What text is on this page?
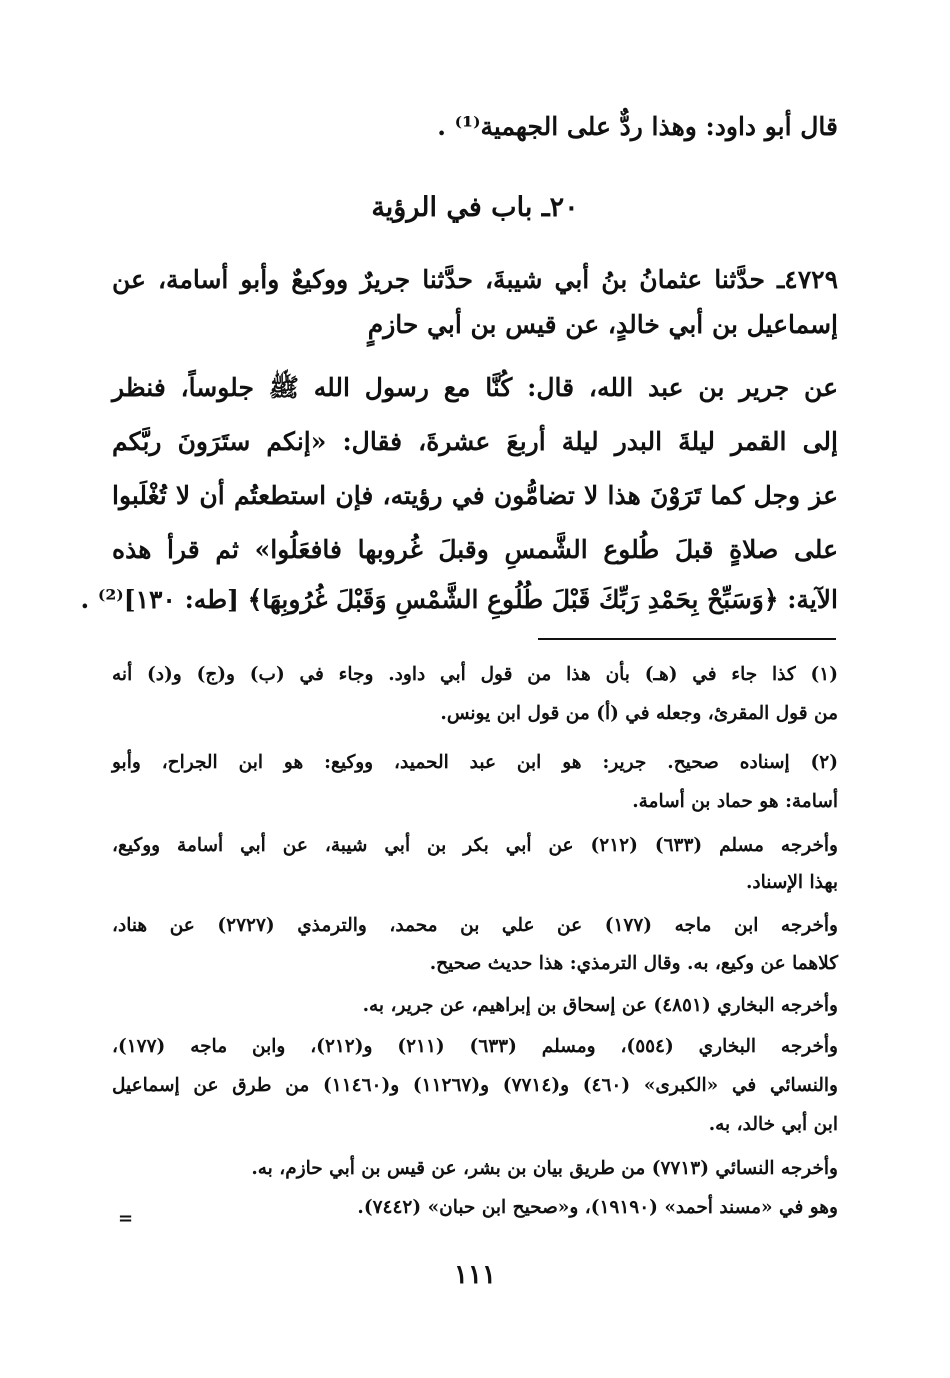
قال أبو داود: وهذا ردٌّ على الجهمية⁽¹⁾ .
٢٠ـ باب في الرؤية
٤٧٢٩ـ حدَّثنا عثمانُ بنُ أبي شيبةَ، حدَّثنا جريرٌ ووكيعٌ وأبو أسامة، عن
إسماعيل بن أبي خالدٍ، عن قيس بن أبي حازمٍ
عن جرير بن عبد الله، قال: كُنَّا مع رسول الله ﷺ جلوساً، فنظر
إلى القمر ليلةَ البدر ليلة أربعَ عشرةَ، فقال: «إنكم ستَرَونَ ربَّكم
عز وجل كما تَرَوْنَ هذا لا تضامُّون في رؤيته، فإن استطعتُم أن لا تُغْلَبوا
على صلاةٍ قبلَ طُلوع الشَّمسِ وقبلَ غُروبها فافعَلُوا» ثم قرأ هذه
الآية: ﴿وَسَبِّحْ بِحَمْدِ رَبِّكَ قَبْلَ طُلُوعِ الشَّمْسِ وَقَبْلَ غُرُوبِهَا﴾ [طه: ١٣٠]⁽²⁾ .
(١) كذا جاء في (هـ) بأن هذا من قول أبي داود. وجاء في (ب) و(ج) و(د) أنه
من قول المقرئ، وجعله في (أ) من قول ابن يونس.
(٢) إسناده صحيح. جرير: هو ابن عبد الحميد، ووكيع: هو ابن الجراح، وأبو
أسامة: هو حماد بن أسامة.
وأخرجه مسلم (٦٣٣) (٢١٢) عن أبي بكر بن أبي شيبة، عن أبي أسامة ووكيع،
بهذا الإسناد.
وأخرجه ابن ماجه (١٧٧) عن علي بن محمد، والترمذي (٢٧٢٧) عن هناد،
كلاهما عن وكيع، به. وقال الترمذي: هذا حديث صحيح.
وأخرجه البخاري (٤٨٥١) عن إسحاق بن إبراهيم، عن جرير، به.
وأخرجه البخاري (٥٥٤)، ومسلم (٦٣٣) (٢١١) و(٢١٢)، وابن ماجه (١٧٧)،
والنسائي في «الكبرى» (٤٦٠) و(٧٧١٤) و(١١٢٦٧) و(١١٤٦٠) من طرق عن إسماعيل
ابن أبي خالد، به.
وأخرجه النسائي (٧٧١٣) من طريق بيان بن بشر، عن قيس بن أبي حازم، به.
وهو في «مسند أحمد» (١٩١٩٠)، و«صحيح ابن حبان» (٧٤٤٢).
=
١١١
